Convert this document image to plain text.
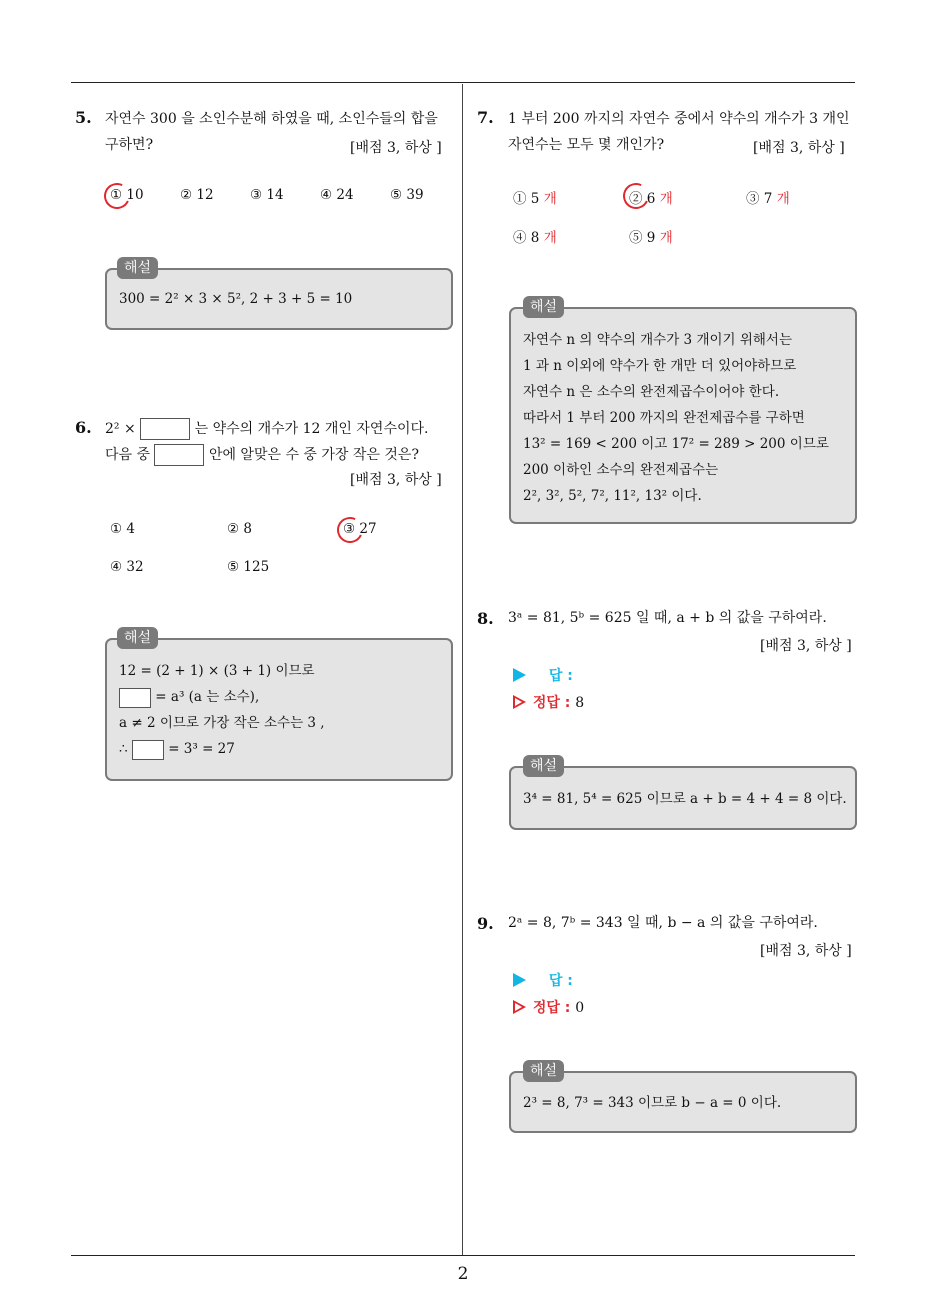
2
5. 자연수 300 을 소인수분해 하였을 때, 소인수들의 합을
구하면?	[배점 3, 하상 ]
① 10	② 12	③ 14	④ 24	⑤ 39
300 = 2² × 3 × 5², 2 + 3 + 5 = 10
해설
6. 2² ×	는 약수의 개수가 12 개인 자연수이다.
다음 중	안에 알맞은 수 중 가장 작은 것은?
[배점 3, 하상 ]
① 4	② 8	③ 27
④ 32	⑤ 125
12 = (2 + 1) × (3 + 1) 이므로
= a³ (a 는 소수),
a ≠ 2 이므로 가장 작은 소수는 3 ,
∴	= 3³ = 27
해설
7. 1 부터 200 까지의 자연수 중에서 약수의 개수가 3 개인
자연수는 모두 몇 개인가?	[배점 3, 하상 ]
① 5 개	② 6 개	③ 7 개
④ 8 개	⑤ 9 개
자연수 n 의 약수의 개수가 3 개이기 위해서는
1 과 n 이외에 약수가 한 개만 더 있어야하므로
자연수 n 은 소수의 완전제곱수이어야 한다.
따라서 1 부터 200 까지의 완전제곱수를 구하면
13² = 169 < 200 이고 17² = 289 > 200 이므로
200 이하인 소수의 완전제곱수는
2², 3², 5², 7², 11², 13² 이다.
해설
8. 3ᵃ = 81, 5ᵇ = 625 일 때, a + b 의 값을 구하여라.
[배점 3, 하상 ]
답 :
정답 : 8
3⁴ = 81, 5⁴ = 625 이므로 a + b = 4 + 4 = 8 이다.
해설
9. 2ᵃ = 8, 7ᵇ = 343 일 때, b − a 의 값을 구하여라.
[배점 3, 하상 ]
답 :
정답 : 0
2³ = 8, 7³ = 343 이므로 b − a = 0 이다.
해설
